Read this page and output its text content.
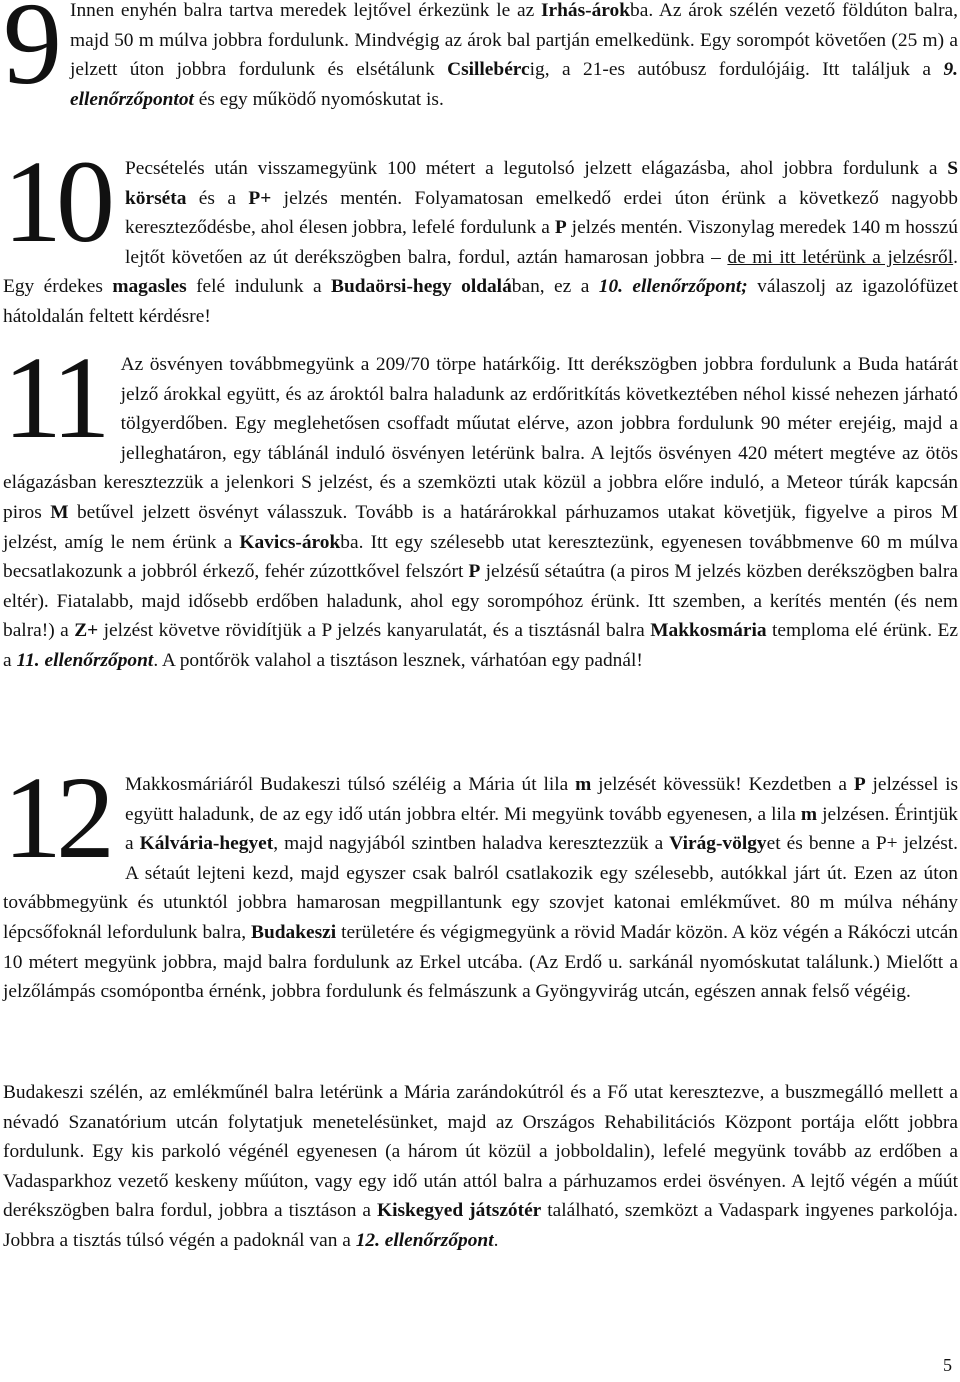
9 Innen enyhén balra tartva meredek lejtővel érkezünk le az Irhás-árokba. Az árok szélén vezető földúton balra, majd 50 m múlva jobbra fordulunk. Mindvégig az árok bal partján emelkedünk. Egy sorompót követően (25 m) a jelzett úton jobbra fordulunk és elsétálunk Csillebércig, a 21-es autóbusz fordulójáig. Itt találjuk a 9. ellenőrzőpontot és egy működő nyomóskutat is.

10 Pecsételés után visszamegyünk 100 métert a legutolsó jelzett elágazásba, ahol jobbra fordulunk a S körséta és a P+ jelzés mentén. Folyamatosan emelkedő erdei úton érünk a következő nagyobb kereszteződésbe, ahol élesen jobbra, lefelé fordulunk a P jelzés mentén. Viszonylag meredek 140 m hosszú lejtőt követően az út derékszögben balra, fordul, aztán hamarosan jobbra – de mi itt letérünk a jelzésről. Egy érdekes magasles felé indulunk a Budaörsi-hegy oldalában, ez a 10. ellenőrzőpont; válaszolj az igazolófüzet hátoldalán feltett kérdésre!

11 Az ösvényen továbbmegyünk a 209/70 törpe határkőig. Itt derékszögben jobbra fordulunk a Buda határát jelző árokkal együtt, és az ároktól balra haladunk az erdőritkítás következtében néhol kissé nehezen járható tölgyerdőben. Egy meglehetősen csoffadt műutat elérve, azon jobbra fordulunk 90 méter erejéig, majd a jelleghatáron, egy táblánál induló ösvényen letérünk balra. A lejtős ösvényen 420 métert megtéve az ötös elágazásban keresztezzük a jelenkori S jelzést, és a szemközti utak közül a jobbra előre induló, a Meteor túrák kapcsán piros M betűvel jelzett ösvényt válasszuk. Tovább is a határárokkal párhuzamos utakat követjük, figyelve a piros M jelzést, amíg le nem érünk a Kavics-árokba. Itt egy szélesebb utat keresztezünk, egyenesen továbbmenve 60 m múlva becsatlakozunk a jobbról érkező, fehér zúzottkővel felszórt P jelzésű sétaútra (a piros M jelzés közben derékszögben balra eltér). Fiatalabb, majd idősebb erdőben haladunk, ahol egy sorompóhoz érünk. Itt szemben, a kerítés mentén (és nem balra!) a Z+ jelzést követve rövidítjük a P jelzés kanyarulatát, és a tisztásnál balra Makkosmária temploma elé érünk. Ez a 11. ellenőrzőpont. A pontőrök valahol a tisztáson lesznek, várhatóan egy padnál!

12 Makkosmáriáról Budakeszi túlsó széléig a Mária út lila m jelzését kövessük! Kezdetben a P jelzéssel is együtt haladunk, de az egy idő után jobbra eltér. Mi megyünk tovább egyenesen, a lila m jelzésen. Érintjük a Kálvária-hegyet, majd nagyjából szintben haladva keresztezzük a Virág-völgyet és benne a P+ jelzést. A sétaút lejteni kezd, majd egyszer csak balról csatlakozik egy szélesebb, autókkal járt út. Ezen az úton továbbmegyünk és utunktól jobbra hamarosan megpillantunk egy szovjet katonai emlékművet. 80 m múlva néhány lépcsőfoknál lefordulunk balra, Budakeszi területére és végigmegyünk a rövid Madár közön. A köz végén a Rákóczi utcán 10 métert megyünk jobbra, majd balra fordulunk az Erkel utcába. (Az Erdő u. sarkánál nyomóskutat találunk.) Mielőtt a jelzőlámpás csomópontba érnénk, jobbra fordulunk és felmászunk a Gyöngyvirág utcán, egészen annak felső végéig.

Budakeszi szélén, az emlékműnél balra letérünk a Mária zarándokútról és a Fő utat keresztezve, a buszmegálló mellett a névadó Szanatórium utcán folytatjuk menetelésünket, majd az Országos Rehabilitációs Központ portája előtt jobbra fordulunk. Egy kis parkoló végénél egyenesen (a három út közül a jobboldalin), lefelé megyünk tovább az erdőben a Vadasparkhoz vezető keskeny műúton, vagy egy idő után attól balra a párhuzamos erdei ösvényen. A lejtő végén a műút derékszögben balra fordul, jobbra a tisztáson a Kiskegyed játszótér található, szemközt a Vadaspark ingyenes parkolója. Jobbra a tisztás túlsó végén a padoknál van a 12. ellenőrzőpont.

5
